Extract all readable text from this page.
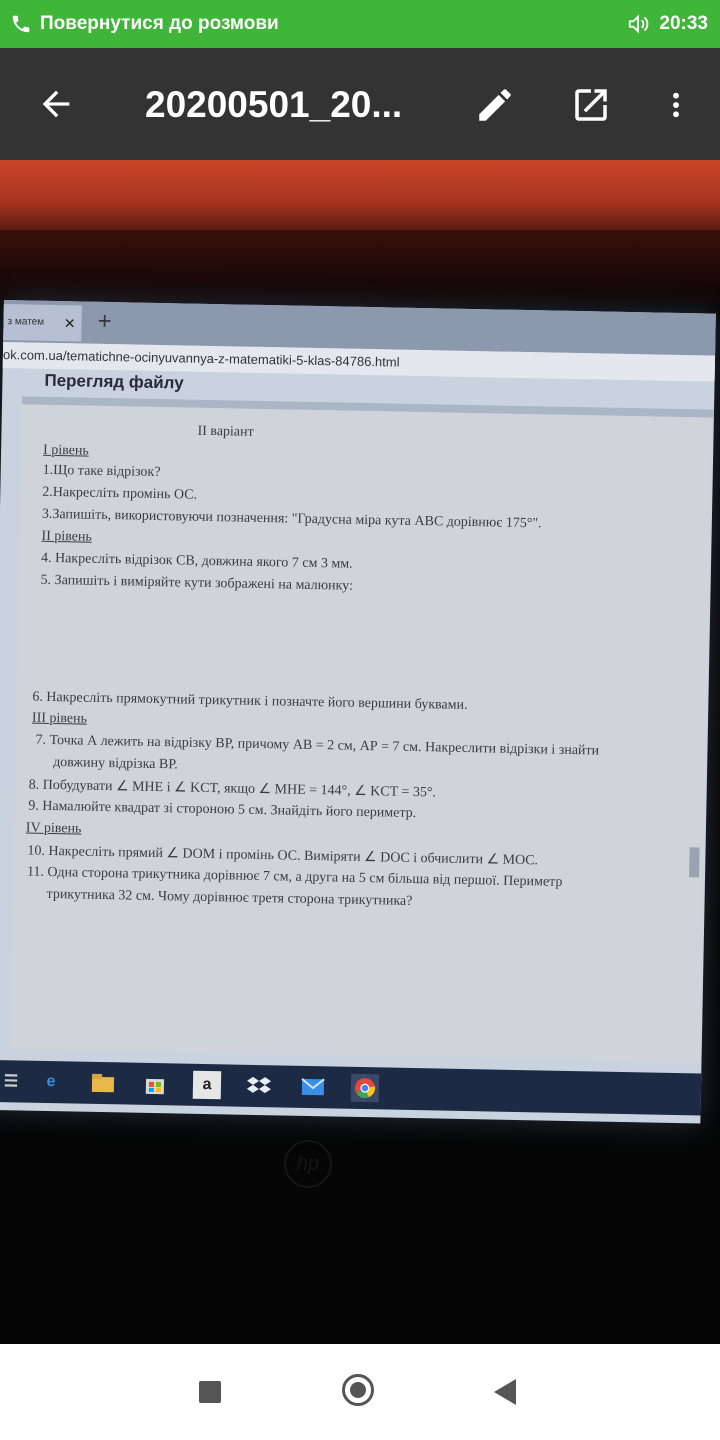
Повернутися до розмови	20:33
20200501_20...
з матем ✕ +
ok.com.ua/tematichne-ocinyuvannya-z-matematiki-5-klas-84786.html
Перегляд файлу
II варіант
І рівень
1.Що таке відрізок?
2.Накресліть промінь ОС.
3.Запишіть, використовуючи позначення: "Градусна міра кута АВС дорівнює 175°".
ІІ рівень
4. Накресліть відрізок СВ, довжина якого 7 см 3 мм.
5. Запишіть і виміряйте кути зображені на малюнку:
6. Накресліть прямокутний трикутник і позначте його вершини буквами.
ІІІ рівень
7. Точка А лежить на відрізку ВР, причому АВ = 2 см, АР = 7 см. Накреслити відрізки і знайти
довжину відрізка ВР.
8. Побудувати ∠ MHE і ∠ KCT, якщо ∠ MHE = 144°, ∠ KCT = 35°.
9. Намалюйте квадрат зі стороною 5 см. Знайдіть його периметр.
ІV рівень
10. Накресліть прямий ∠ DOM і промінь ОС. Виміряти ∠ DOC і обчислити ∠ MOC.
11. Одна сторона трикутника дорівнює 7 см, а друга на 5 см більша від першої. Периметр
трикутника 32 см. Чому дорівнює третя сторона трикутника?
☰	e	a
hp
